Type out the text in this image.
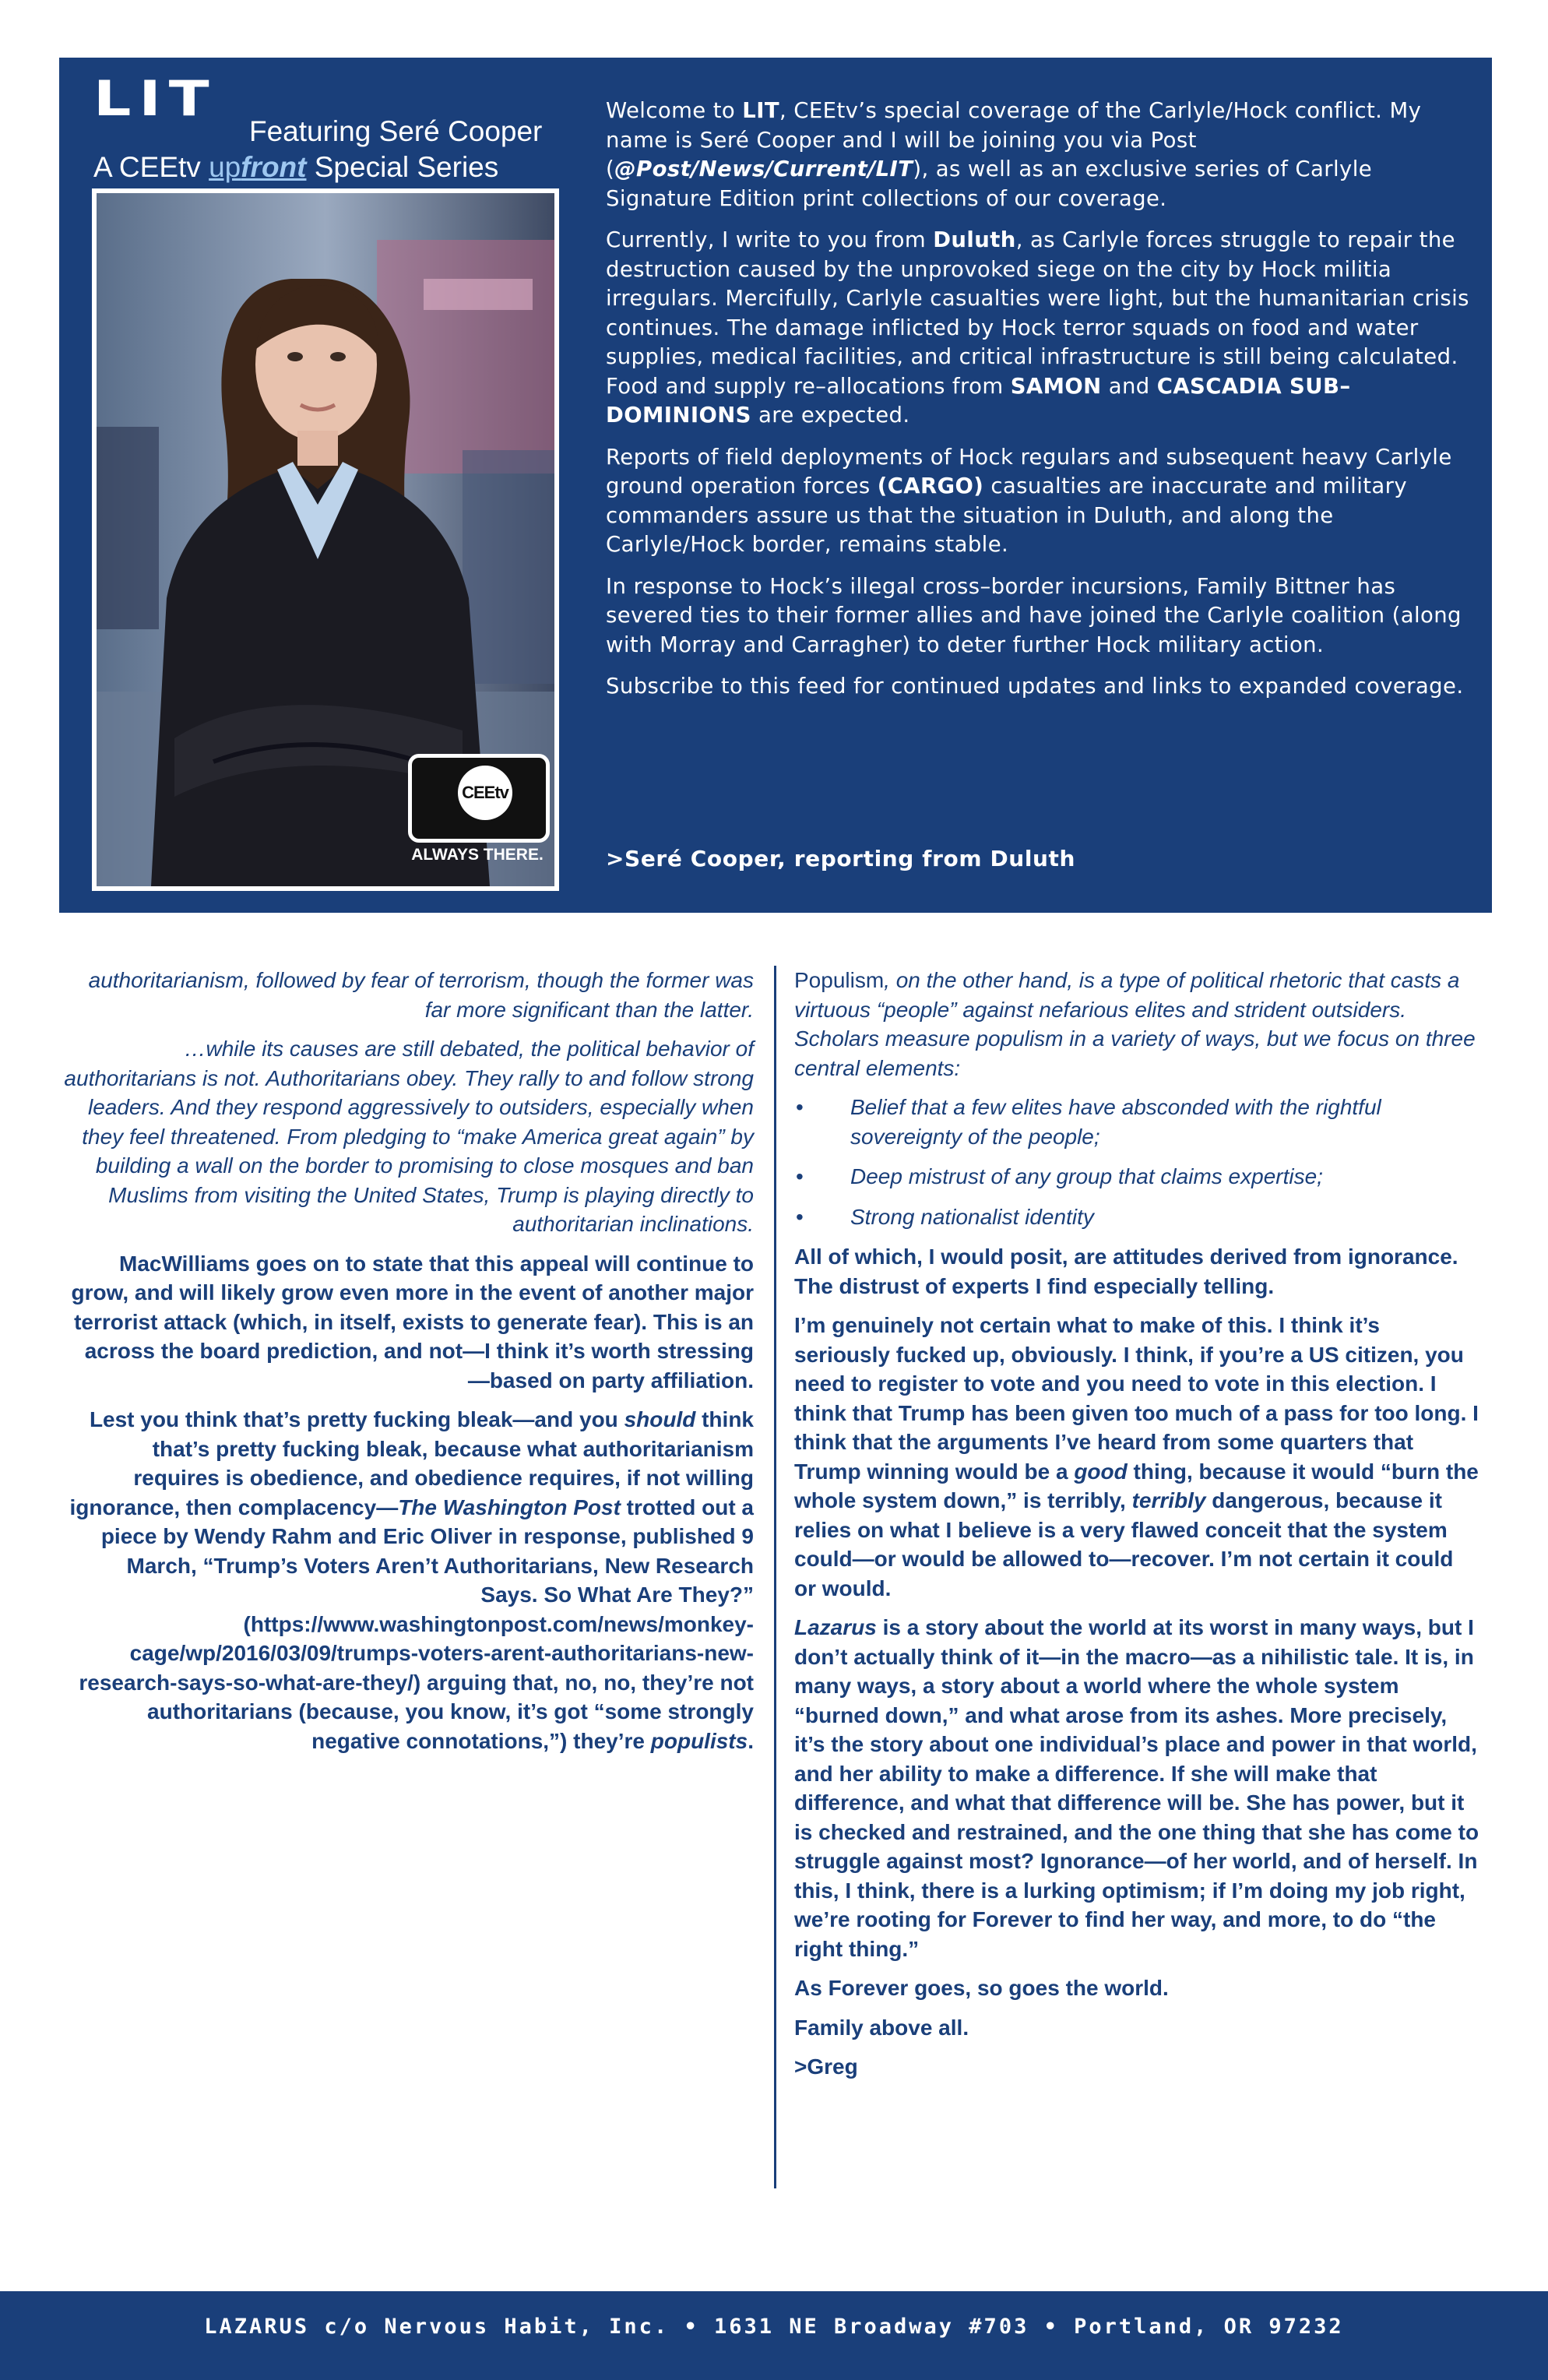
LIT
Featuring Seré Cooper
A CEEtv upfront Special Series
CEEtv
ALWAYS THERE.

Welcome to LIT, CEEtv’s special coverage of the Carlyle/Hock conflict. My name is Seré Cooper and I will be joining you via Post (@Post/News/Current/LIT), as well as an exclusive series of Carlyle Signature Edition print collections of our coverage.

Currently, I write to you from Duluth, as Carlyle forces struggle to repair the destruction caused by the unprovoked siege on the city by Hock militia irregulars. Mercifully, Carlyle casualties were light, but the humanitarian crisis continues. The damage inflicted by Hock terror squads on food and water supplies, medical facilities, and critical infrastructure is still being calculated. Food and supply re–allocations from SAMON and CASCADIA SUB–DOMINIONS are expected.

Reports of field deployments of Hock regulars and subsequent heavy Carlyle ground operation forces (CARGO) casualties are inaccurate and military commanders assure us that the situation in Duluth, and along the Carlyle/Hock border, remains stable.

In response to Hock’s illegal cross–border incursions, Family Bittner has severed ties to their former allies and have joined the Carlyle coalition (along with Morray and Carragher) to deter further Hock military action.

Subscribe to this feed for continued updates and links to expanded coverage.

>Seré Cooper, reporting from Duluth

authoritarianism, followed by fear of terrorism, though the former was far more significant than the latter.

…while its causes are still debated, the political behavior of authoritarians is not. Authoritarians obey. They rally to and follow strong leaders. And they respond aggressively to outsiders, especially when they feel threatened. From pledging to “make America great again” by building a wall on the border to promising to close mosques and ban Muslims from visiting the United States, Trump is playing directly to authoritarian inclinations.

MacWilliams goes on to state that this appeal will continue to grow, and will likely grow even more in the event of another major terrorist attack (which, in itself, exists to generate fear). This is an across the board prediction, and not—I think it’s worth stressing—based on party affiliation.

Lest you think that’s pretty fucking bleak—and you should think that’s pretty fucking bleak, because what authoritarianism requires is obedience, and obedience requires, if not willing ignorance, then complacency—The Washington Post trotted out a piece by Wendy Rahm and Eric Oliver in response, published 9 March, “Trump’s Voters Aren’t Authoritarians, New Research Says. So What Are They?” (https://www.washingtonpost.com/news/monkey-cage/wp/2016/03/09/trumps-voters-arent-authoritarians-new-research-says-so-what-are-they/) arguing that, no, no, they’re not authoritarians (because, you know, it’s got “some strongly negative connotations,”) they’re populists.

Populism, on the other hand, is a type of political rhetoric that casts a virtuous “people” against nefarious elites and strident outsiders. Scholars measure populism in a variety of ways, but we focus on three central elements:

• Belief that a few elites have absconded with the rightful sovereignty of the people;
• Deep mistrust of any group that claims expertise;
• Strong nationalist identity

All of which, I would posit, are attitudes derived from ignorance. The distrust of experts I find especially telling.

I’m genuinely not certain what to make of this. I think it’s seriously fucked up, obviously. I think, if you’re a US citizen, you need to register to vote and you need to vote in this election. I think that Trump has been given too much of a pass for too long. I think that the arguments I’ve heard from some quarters that Trump winning would be a good thing, because it would “burn the whole system down,” is terribly, terribly dangerous, because it relies on what I believe is a very flawed conceit that the system could—or would be allowed to—recover. I’m not certain it could or would.

Lazarus is a story about the world at its worst in many ways, but I don’t actually think of it—in the macro—as a nihilistic tale. It is, in many ways, a story about a world where the whole system “burned down,” and what arose from its ashes. More precisely, it’s the story about one individual’s place and power in that world, and her ability to make a difference. If she will make that difference, and what that difference will be. She has power, but it is checked and restrained, and the one thing that she has come to struggle against most? Ignorance—of her world, and of herself. In this, I think, there is a lurking optimism; if I’m doing my job right, we’re rooting for Forever to find her way, and more, to do “the right thing.”

As Forever goes, so goes the world.

Family above all.

>Greg

LAZARUS c/o Nervous Habit, Inc. • 1631 NE Broadway #703 • Portland, OR 97232
